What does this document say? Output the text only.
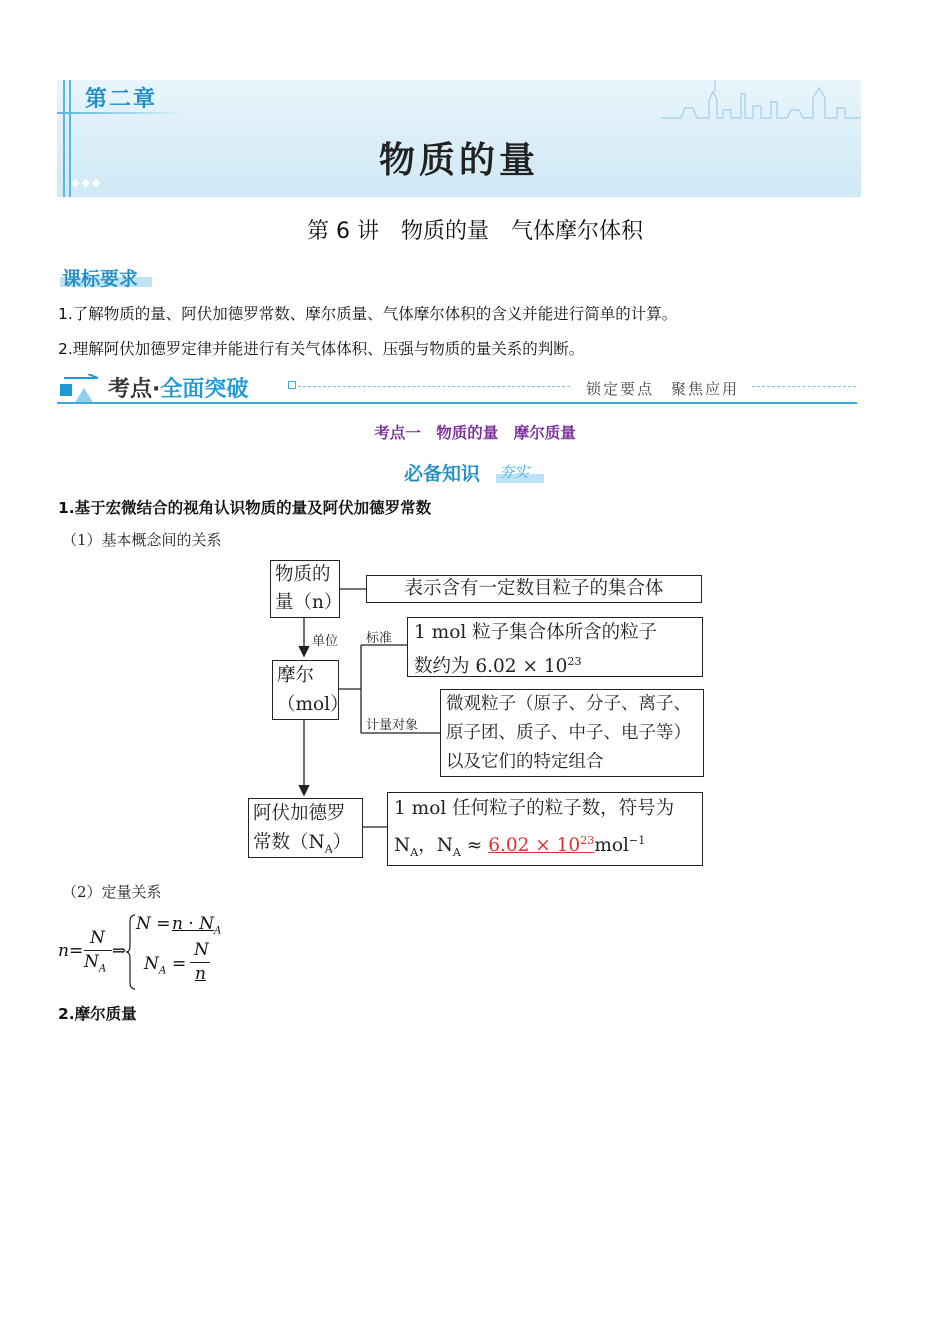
第二章
物质的量
◆◆◆
第 6 讲　物质的量　气体摩尔体积
课标要求
1.了解物质的量、阿伏加德罗常数、摩尔质量、气体摩尔体积的含义并能进行简单的计算。
2.理解阿伏加德罗定律并能进行有关气体体积、压强与物质的量关系的判断。
考点·全面突破	锁定要点　聚焦应用
考点一　物质的量　摩尔质量
必备知识 夯实
1.基于宏微结合的视角认识物质的量及阿伏加德罗常数
（1）基本概念间的关系
物质的
量（n）
表示含有一定数目粒子的集合体
单位
摩尔
（mol）
标准 1 mol 粒子集合体所含的粒子
数约为 $6.02 \times 10^{23}$
计量对象
微观粒子（原子、分子、离子、
原子团、质子、中子、电子等）
以及它们的特定组合
阿伏加德罗
常数$(N_A)$
1 mol 任何粒子的粒子数，符号为
$N_A$，$N_A \approx 6.02 \times 10^{23}mol^{-1}$
（2）定量关系
n=
N
$N_A$
⇒
$N = n \cdot N_A$
$N_A$ =
N
n
2.摩尔质量
